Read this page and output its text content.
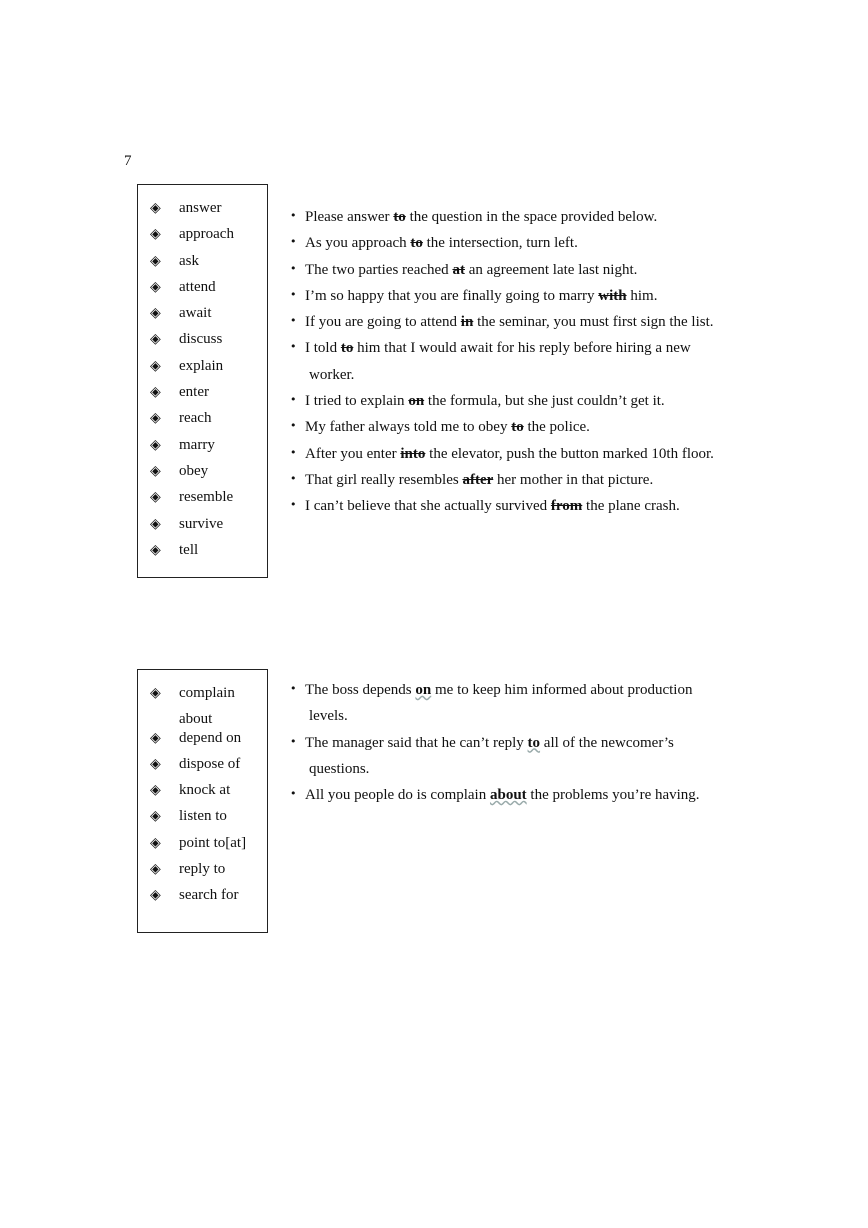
7
◈ answer
◈ approach
◈ ask
◈ attend
◈ await
◈ discuss
◈ explain
◈ enter
◈ reach
◈ marry
◈ obey
◈ resemble
◈ survive
◈ tell
• Please answer to the question in the space provided below.
• As you approach to the intersection, turn left.
• The two parties reached at an agreement late last night.
• I’m so happy that you are finally going to marry with him.
• If you are going to attend in the seminar, you must first sign the list.
• I told to him that I would await for his reply before hiring a new
worker.
• I tried to explain on the formula, but she just couldn’t get it.
• My father always told me to obey to the police.
• After you enter into the elevator, push the button marked 10th floor.
• That girl really resembles after her mother in that picture.
• I can’t believe that she actually survived from the plane crash.
◈ complain about
◈ depend on
◈ dispose of
◈ knock at
◈ listen to
◈ point to[at]
◈ reply to
◈ search for
• The boss depends on me to keep him informed about production
levels.
• The manager said that he can’t reply to all of the newcomer’s
questions.
• All you people do is complain about the problems you’re having.
